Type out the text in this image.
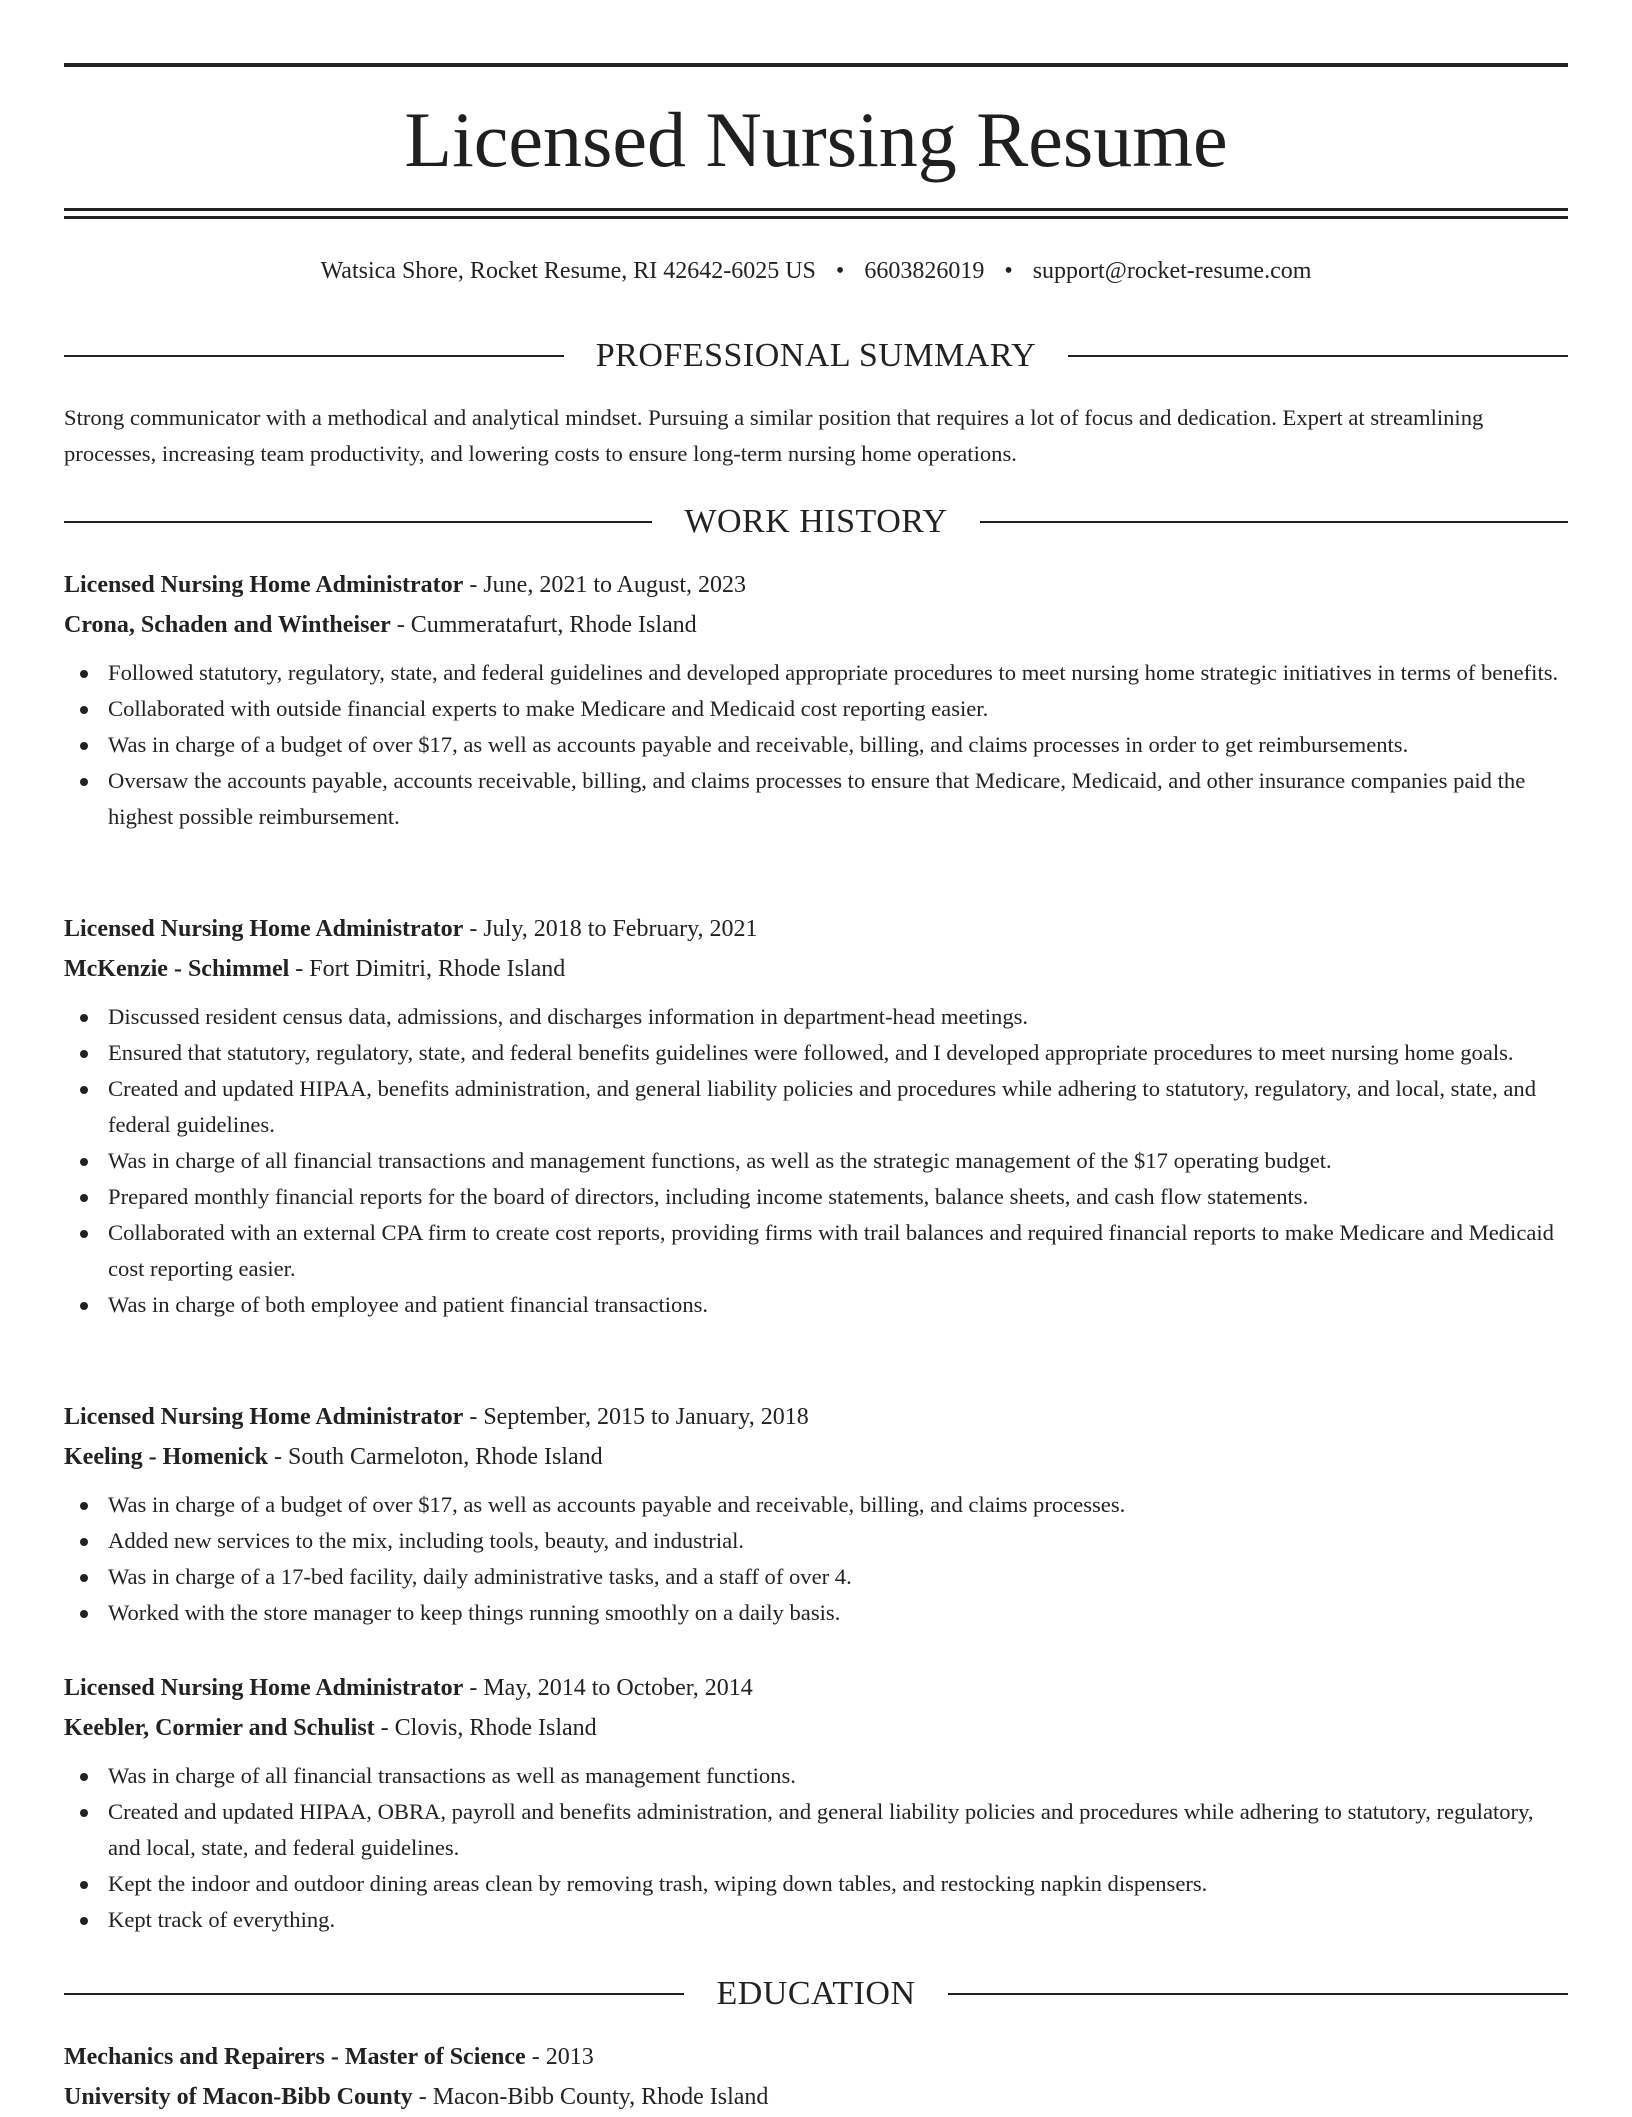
Licensed Nursing Resume
Watsica Shore, Rocket Resume, RI 42642-6025 US • 6603826019 • support@rocket-resume.com
PROFESSIONAL SUMMARY

Strong communicator with a methodical and analytical mindset. Pursuing a similar position that requires a lot of focus and dedication. Expert at streamlining processes, increasing team productivity, and lowering costs to ensure long-term nursing home operations.

WORK HISTORY
Licensed Nursing Home Administrator - June, 2021 to August, 2023
Crona, Schaden and Wintheiser - Cummeratafurt, Rhode Island
Followed statutory, regulatory, state, and federal guidelines and developed appropriate procedures to meet nursing home strategic initiatives in terms of benefits.
Collaborated with outside financial experts to make Medicare and Medicaid cost reporting easier.
Was in charge of a budget of over $17, as well as accounts payable and receivable, billing, and claims processes in order to get reimbursements.
Oversaw the accounts payable, accounts receivable, billing, and claims processes to ensure that Medicare, Medicaid, and other insurance companies paid the highest possible reimbursement.
Licensed Nursing Home Administrator - July, 2018 to February, 2021
McKenzie - Schimmel - Fort Dimitri, Rhode Island
Discussed resident census data, admissions, and discharges information in department-head meetings.
Ensured that statutory, regulatory, state, and federal benefits guidelines were followed, and I developed appropriate procedures to meet nursing home goals.
Created and updated HIPAA, benefits administration, and general liability policies and procedures while adhering to statutory, regulatory, and local, state, and federal guidelines.
Was in charge of all financial transactions and management functions, as well as the strategic management of the $17 operating budget.
Prepared monthly financial reports for the board of directors, including income statements, balance sheets, and cash flow statements.
Collaborated with an external CPA firm to create cost reports, providing firms with trail balances and required financial reports to make Medicare and Medicaid cost reporting easier.
Was in charge of both employee and patient financial transactions.
Licensed Nursing Home Administrator - September, 2015 to January, 2018
Keeling - Homenick - South Carmeloton, Rhode Island
Was in charge of a budget of over $17, as well as accounts payable and receivable, billing, and claims processes.
Added new services to the mix, including tools, beauty, and industrial.
Was in charge of a 17-bed facility, daily administrative tasks, and a staff of over 4.
Worked with the store manager to keep things running smoothly on a daily basis.
Licensed Nursing Home Administrator - May, 2014 to October, 2014
Keebler, Cormier and Schulist - Clovis, Rhode Island
Was in charge of all financial transactions as well as management functions.
Created and updated HIPAA, OBRA, payroll and benefits administration, and general liability policies and procedures while adhering to statutory, regulatory, and local, state, and federal guidelines.
Kept the indoor and outdoor dining areas clean by removing trash, wiping down tables, and restocking napkin dispensers.
Kept track of everything.
EDUCATION
Mechanics and Repairers - Master of Science - 2013
University of Macon-Bibb County - Macon-Bibb County, Rhode Island
